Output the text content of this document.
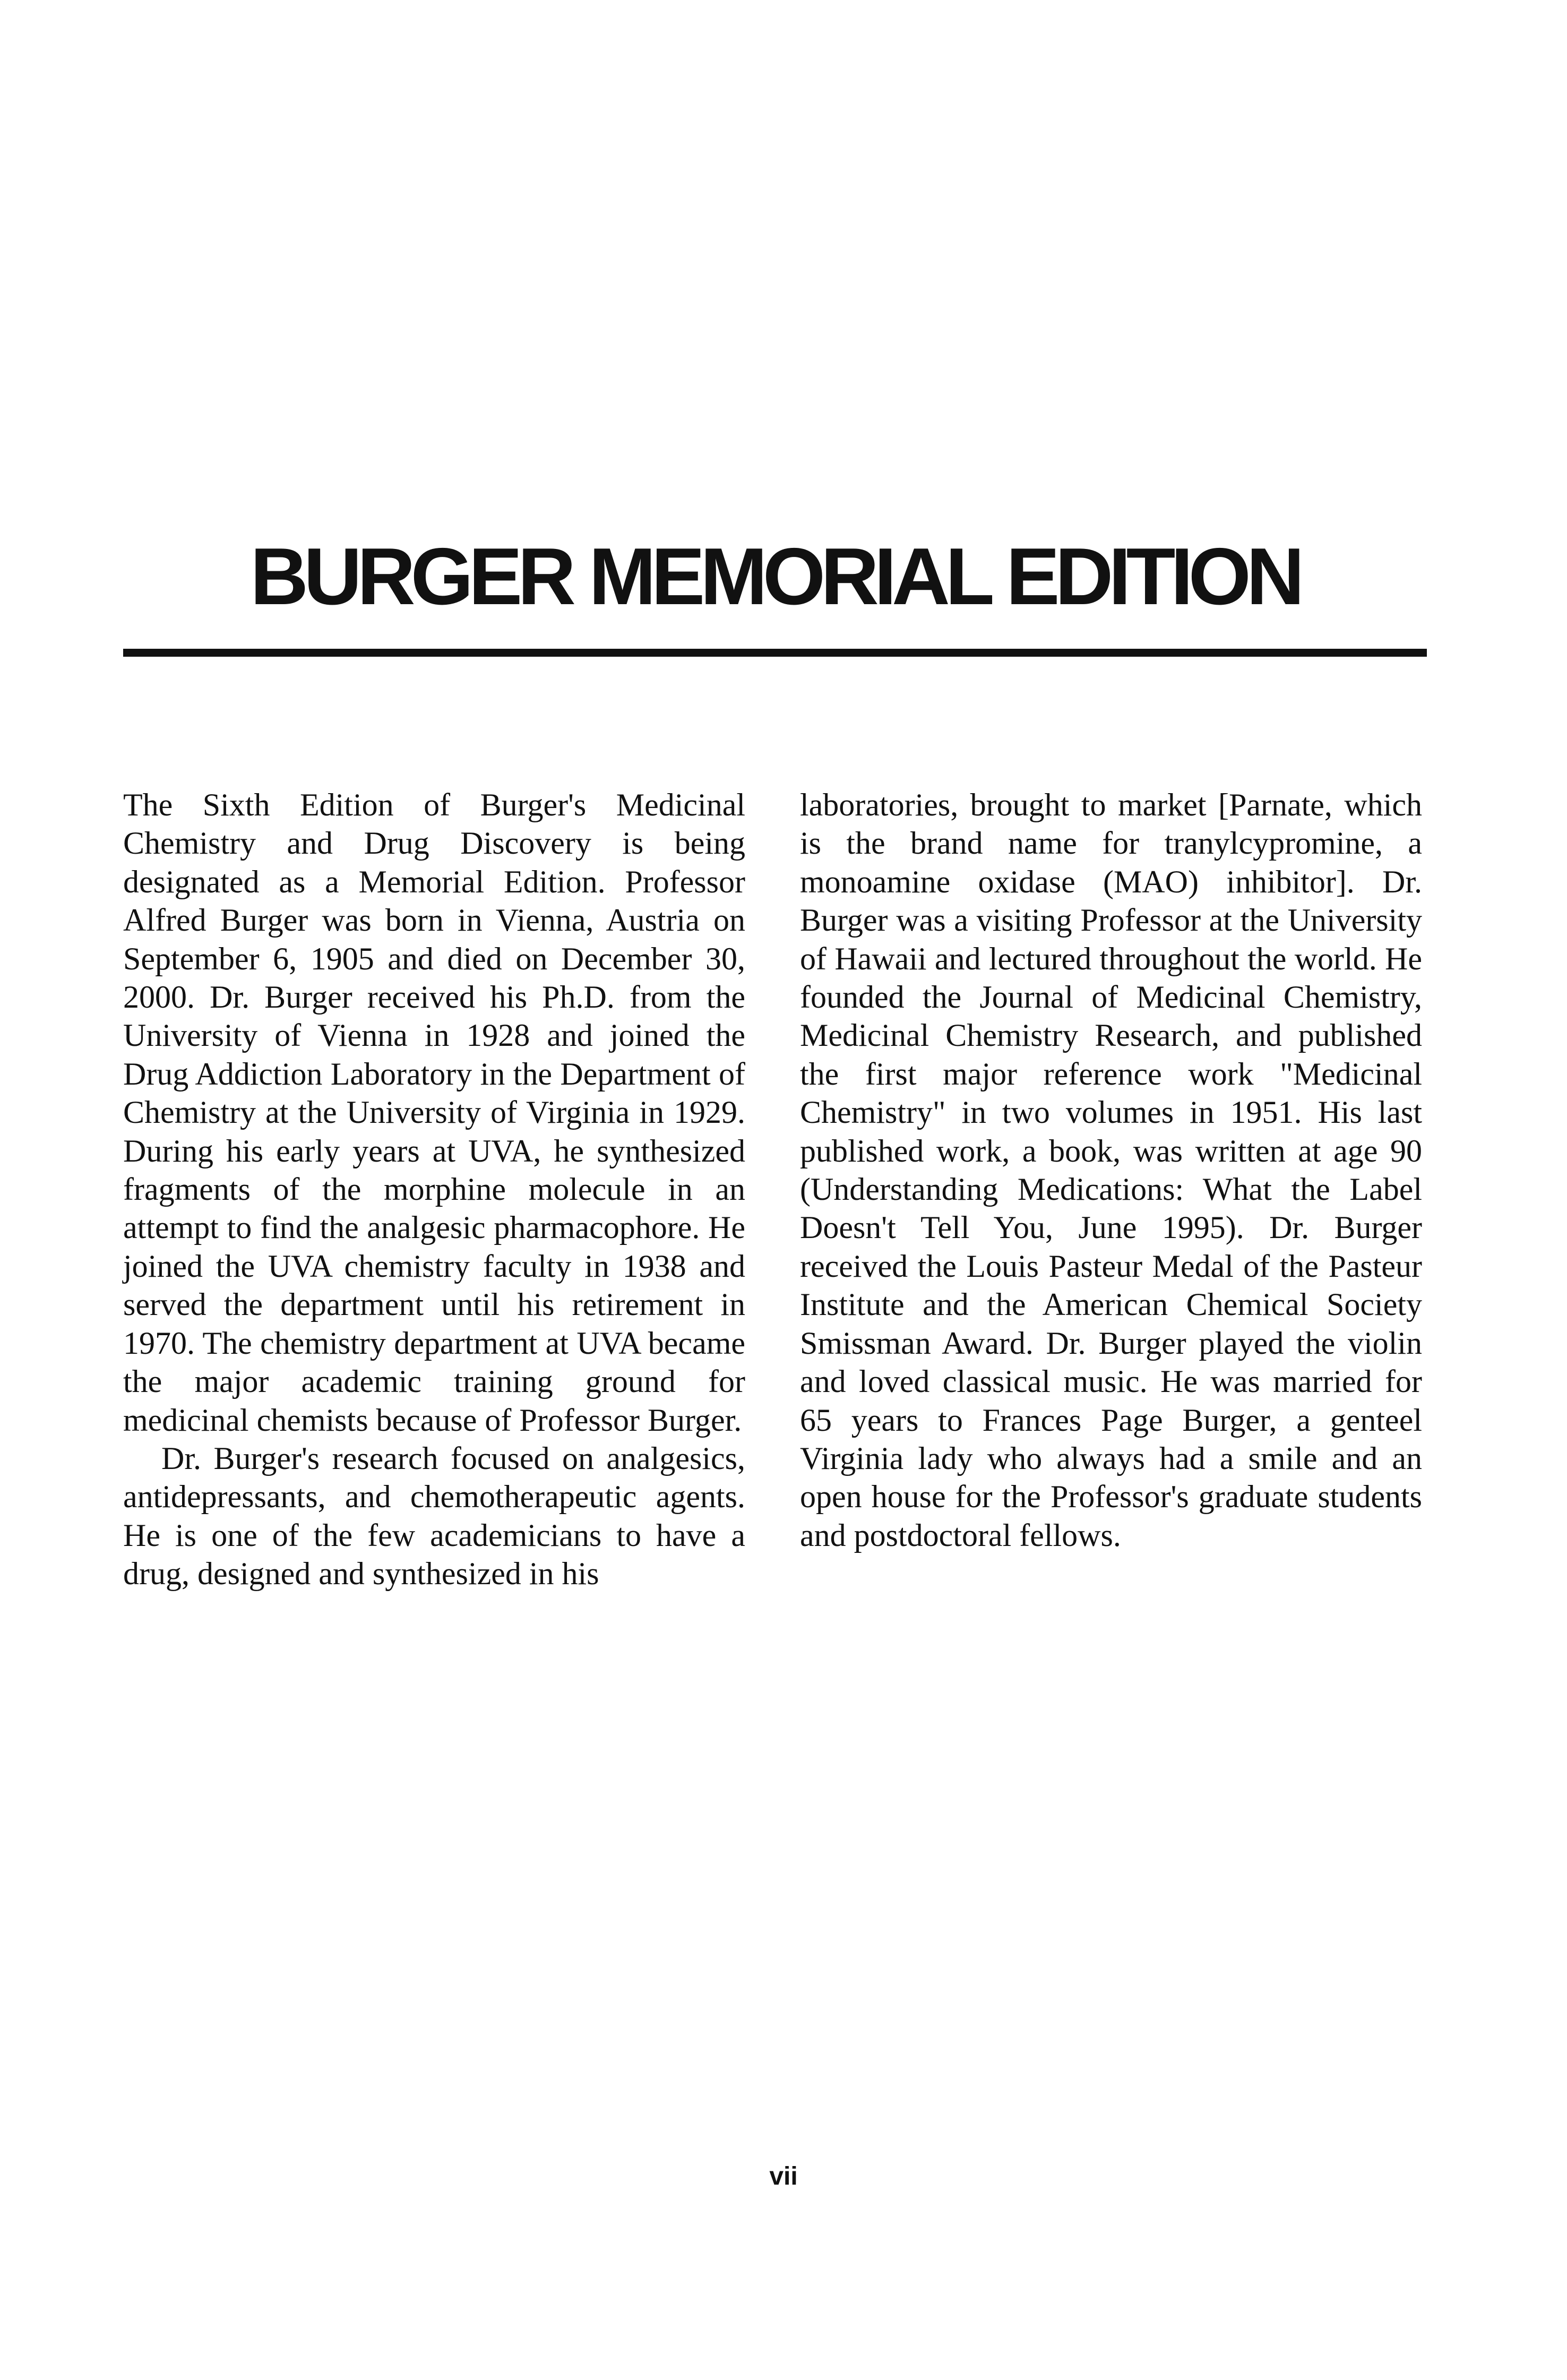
BURGER MEMORIAL EDITION

The Sixth Edition of Burger's Medicinal Chemistry and Drug Discovery is being designated as a Memorial Edition. Professor Alfred Burger was born in Vienna, Austria on September 6, 1905 and died on December 30, 2000. Dr. Burger received his Ph.D. from the University of Vienna in 1928 and joined the Drug Addiction Laboratory in the Department of Chemistry at the University of Virginia in 1929. During his early years at UVA, he synthesized fragments of the morphine molecule in an attempt to find the analgesic pharmacophore. He joined the UVA chemistry faculty in 1938 and served the department until his retirement in 1970. The chemistry department at UVA became the major academic training ground for medicinal chemists because of Professor Burger.

Dr. Burger's research focused on analgesics, antidepressants, and chemotherapeutic agents. He is one of the few academicians to have a drug, designed and synthesized in his

laboratories, brought to market [Parnate, which is the brand name for tranylcypromine, a monoamine oxidase (MAO) inhibitor]. Dr. Burger was a visiting Professor at the University of Hawaii and lectured throughout the world. He founded the Journal of Medicinal Chemistry, Medicinal Chemistry Research, and published the first major reference work "Medicinal Chemistry" in two volumes in 1951. His last published work, a book, was written at age 90 (Understanding Medications: What the Label Doesn't Tell You, June 1995). Dr. Burger received the Louis Pasteur Medal of the Pasteur Institute and the American Chemical Society Smissman Award. Dr. Burger played the violin and loved classical music. He was married for 65 years to Frances Page Burger, a genteel Virginia lady who always had a smile and an open house for the Professor's graduate students and postdoctoral fellows.

vii
